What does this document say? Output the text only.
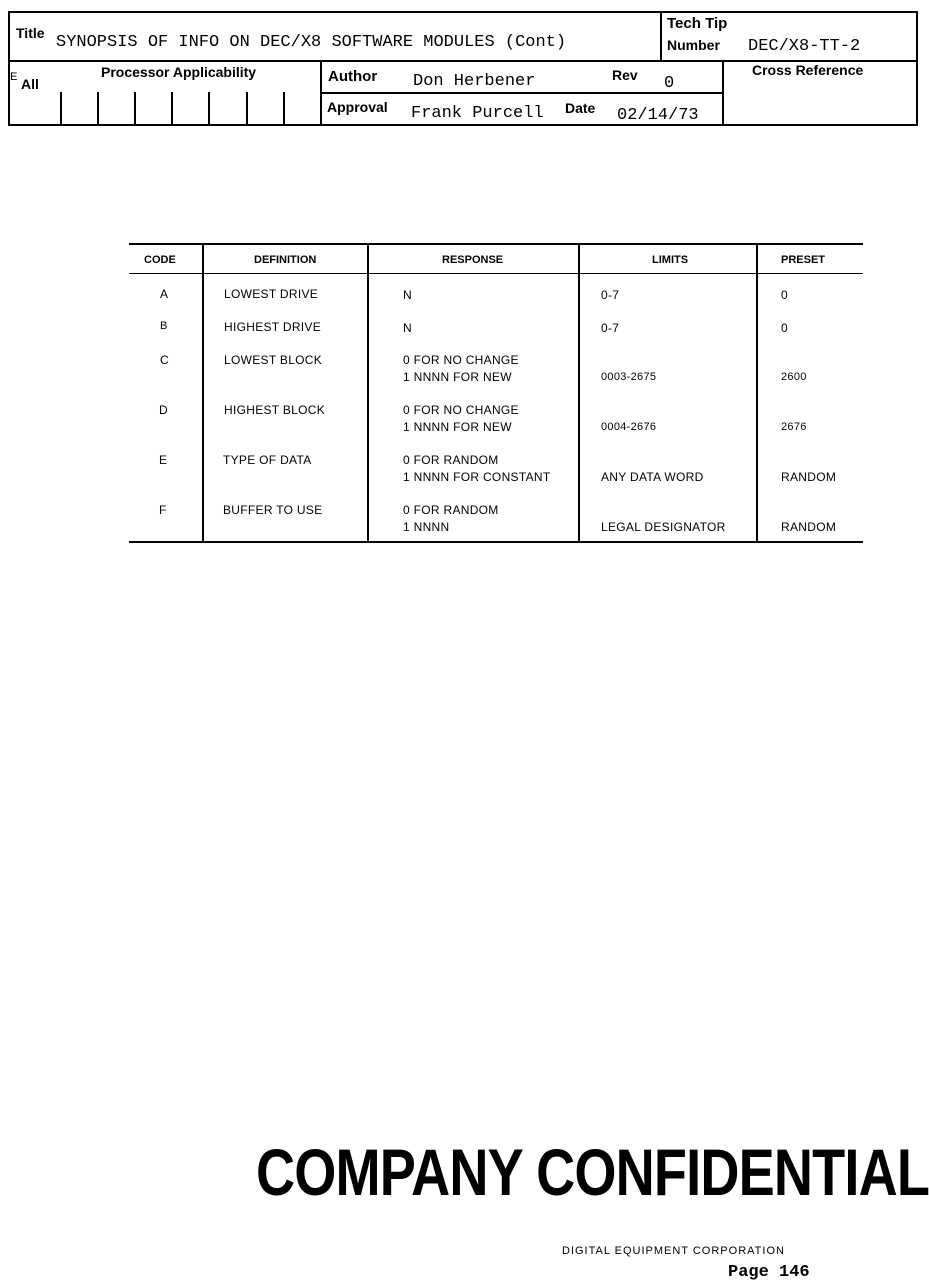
Title SYNOPSIS OF INFO ON DEC/X8 SOFTWARE MODULES (Cont)
Tech Tip
Number DEC/X8-TT-2
E All
Processor Applicability	Author Don Herbener	Rev 0
Approval Frank Purcell Date 02/14/73
Cross Reference
CODE	DEFINITION	RESPONSE	LIMITS	PRESET
A	LOWEST DRIVE	N	0-7	0
B	HIGHEST DRIVE	N	0-7	0
C	LOWEST BLOCK	0 FOR NO CHANGE
1 NNNN FOR NEW	0003-2675	2600
D	HIGHEST BLOCK	0 FOR NO CHANGE
1 NNNN FOR NEW	0004-2676	2676
E	TYPE OF DATA	0 FOR RANDOM
1 NNNN FOR CONSTANT	ANY DATA WORD	RANDOM
F	BUFFER TO USE	0 FOR RANDOM
1 NNNN	LEGAL DESIGNATOR	RANDOM
COMPANY CONFIDENTIAL
DIGITAL EQUIPMENT CORPORATION
Page 146
